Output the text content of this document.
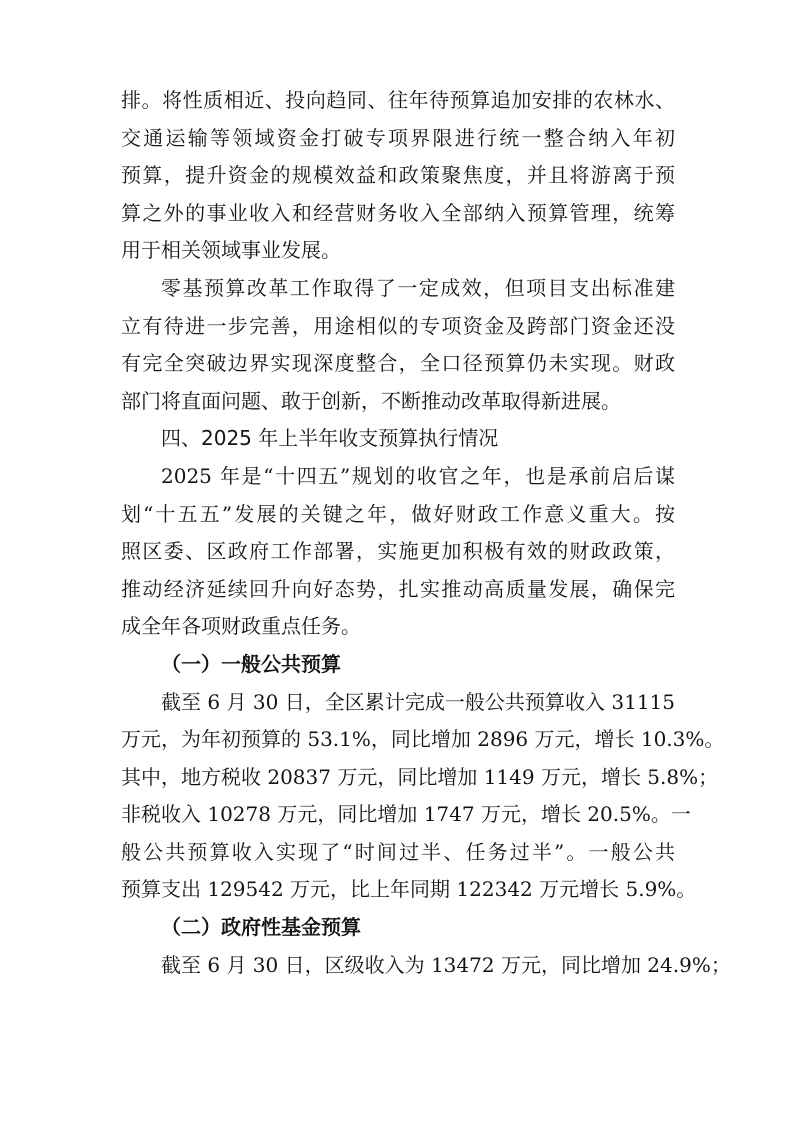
排。将性质相近、投向趋同、往年待预算追加安排的农林水、
交通运输等领域资金打破专项界限进行统一整合纳入年初
预算，提升资金的规模效益和政策聚焦度，并且将游离于预
算之外的事业收入和经营财务收入全部纳入预算管理，统筹
用于相关领域事业发展。
零基预算改革工作取得了一定成效，但项目支出标准建
立有待进一步完善，用途相似的专项资金及跨部门资金还没
有完全突破边界实现深度整合，全口径预算仍未实现。财政
部门将直面问题、敢于创新，不断推动改革取得新进展。
四、2025 年上半年收支预算执行情况
2025 年是“十四五”规划的收官之年，也是承前启后谋
划“十五五”发展的关键之年，做好财政工作意义重大。按
照区委、区政府工作部署，实施更加积极有效的财政政策，
推动经济延续回升向好态势，扎实推动高质量发展，确保完
成全年各项财政重点任务。
（一）一般公共预算
截至 6 月 30 日，全区累计完成一般公共预算收入 31115
万元，为年初预算的 53.1%，同比增加 2896 万元，增长 10.3%。
其中，地方税收 20837 万元，同比增加 1149 万元，增长 5.8%；
非税收入 10278 万元，同比增加 1747 万元，增长 20.5%。一
般公共预算收入实现了“时间过半、任务过半”。一般公共
预算支出 129542 万元，比上年同期 122342 万元增长 5.9%。
（二）政府性基金预算
截至 6 月 30 日，区级收入为 13472 万元，同比增加 24.9%；
